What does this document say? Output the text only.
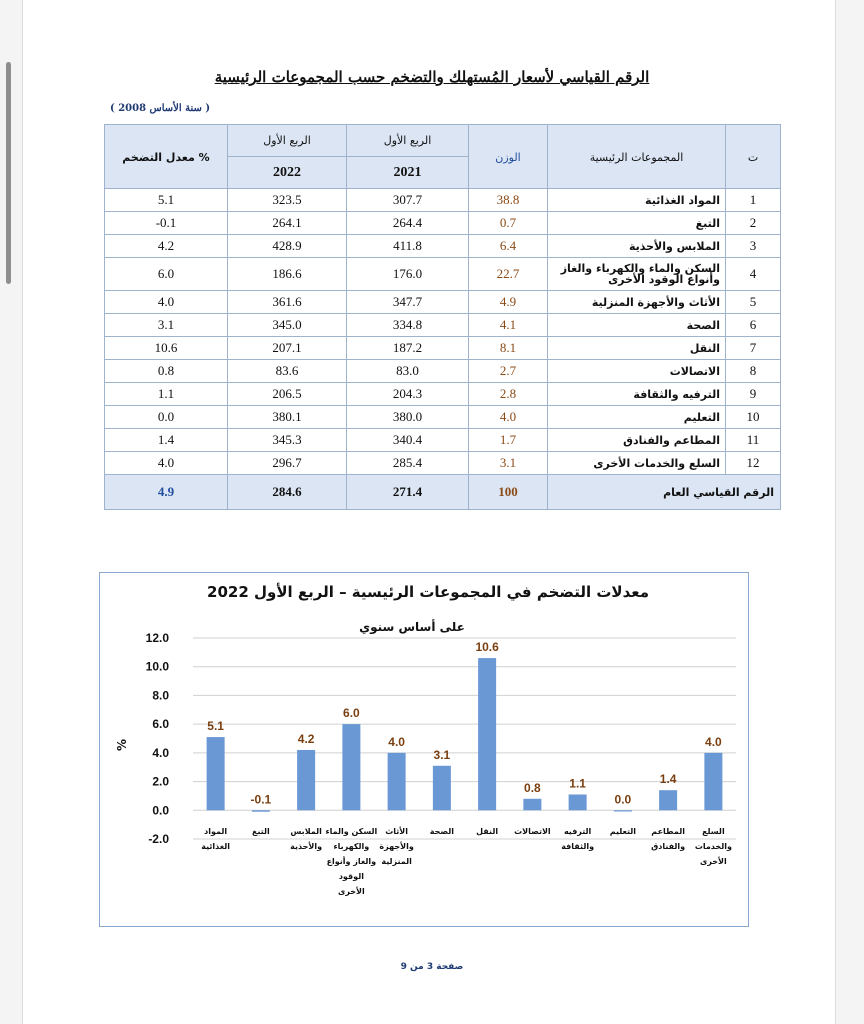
الرقم القياسي لأسعار المُستهلك والتضخم حسب المجموعات الرئيسية
( سنة الأساس 2008 )
معدل التضخم %	الربع الأول	الربع الأول	الوزن	المجموعات الرئيسية	ت
	2022	2021			
5.1	323.5	307.7	38.8	المواد الغذائية	1
-0.1	264.1	264.4	0.7	التبغ	2
4.2	428.9	411.8	6.4	الملابس والأحذية	3
6.0	186.6	176.0	22.7	السكن والماء والكهرباء والغاز وأنواع الوقود الأخرى	4
4.0	361.6	347.7	4.9	الأثاث والأجهزة المنزلية	5
3.1	345.0	334.8	4.1	الصحة	6
10.6	207.1	187.2	8.1	النقل	7
0.8	83.6	83.0	2.7	الاتصالات	8
1.1	206.5	204.3	2.8	الترفيه والثقافة	9
0.0	380.1	380.0	4.0	التعليم	10
1.4	345.3	340.4	1.7	المطاعم والفنادق	11
4.0	296.7	285.4	3.1	السلع والخدمات الأخرى	12
4.9	284.6	271.4	100	الرقم القياسي العام	
معدلات التضخم في المجموعات الرئيسية – الربع الأول 2022
على أساس سنوي
%
12.0
10.0
8.0
6.0
4.0
2.0
0.0
-2.0
5.1
-0.1
4.2
6.0
4.0
3.1
10.6
0.8 1.1
0.0
1.4
4.0
المواد
الغذائية
التبغ	الملابس
والأحذية
السكن والماء
والكهرباء
والغاز وأنواع
الوقود
الأخرى
الأثاث
والأجهزة
المنزلية
الصحة	النقل الاتصالات الترفيه
والثقافة
التعليم المطاعم
والفنادق
السلع
والخدمات
الأخرى
صفحة 3 من 9
